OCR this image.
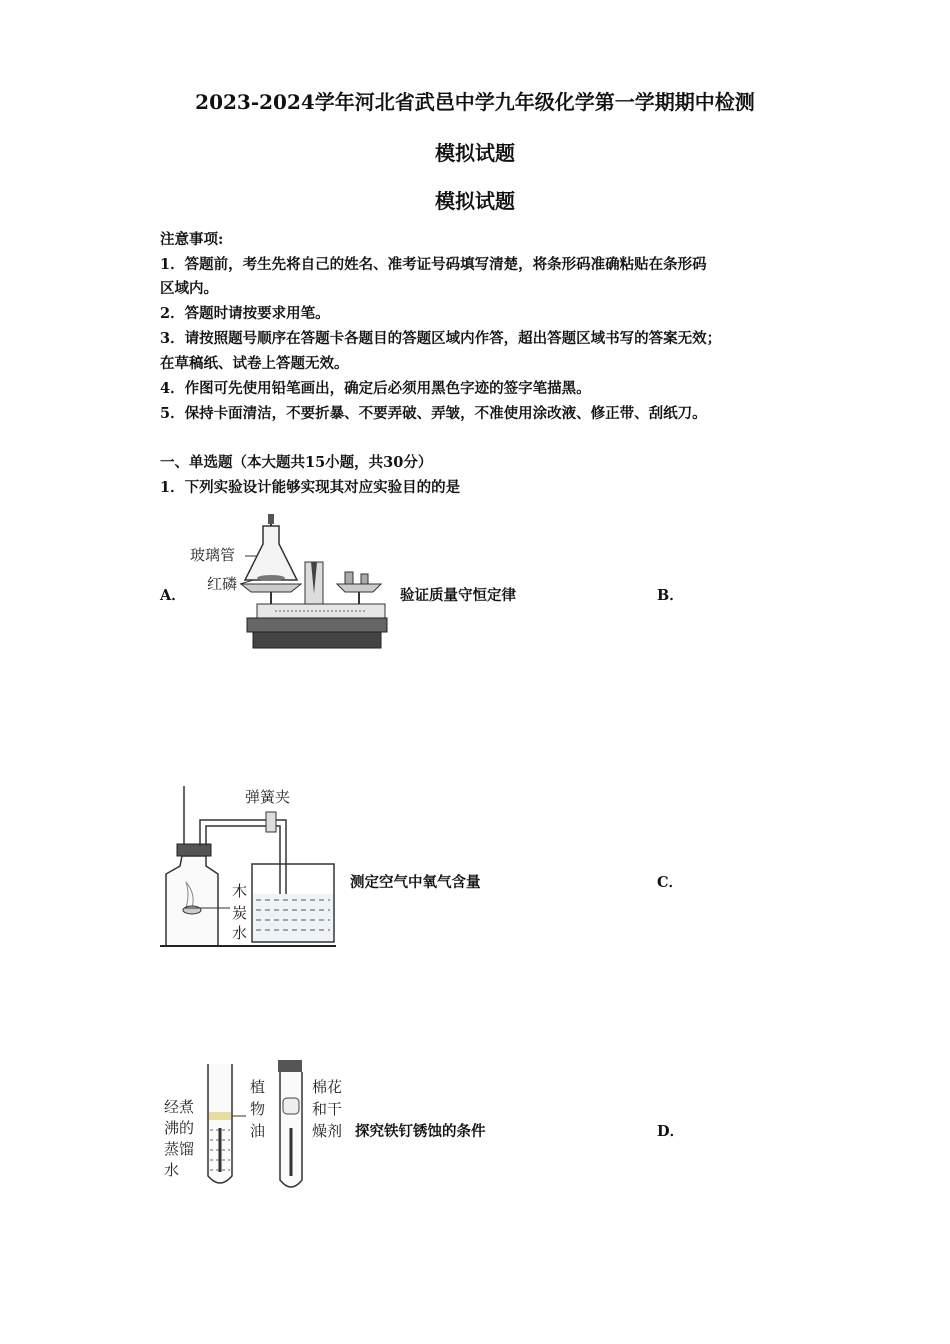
2023-2024学年河北省武邑中学九年级化学第一学期期中检测
模拟试题
模拟试题
注意事项:
1．答题前，考生先将自己的姓名、准考证号码填写清楚，将条形码准确粘贴在条形码
区域内。
2．答题时请按要求用笔。
3．请按照题号顺序在答题卡各题目的答题区域内作答，超出答题区域书写的答案无效；
在草稿纸、试卷上答题无效。
4．作图可先使用铅笔画出，确定后必须用黑色字迹的签字笔描黑。
5．保持卡面清洁，不要折暴、不要弄破、弄皱，不准使用涂改液、修正带、刮纸刀。
一、单选题（本大题共15小题，共30分）
1．下列实验设计能够实现其对应实验目的的是
A．
玻璃管
红磷
验证质量守恒定律	B．
弹簧夹
木
炭
水
测定空气中氧气含量	C．
经煮
沸的
蒸馏
水
植
物
油
棉花
和干
燥剂 探究铁钉锈蚀的条件	D．
